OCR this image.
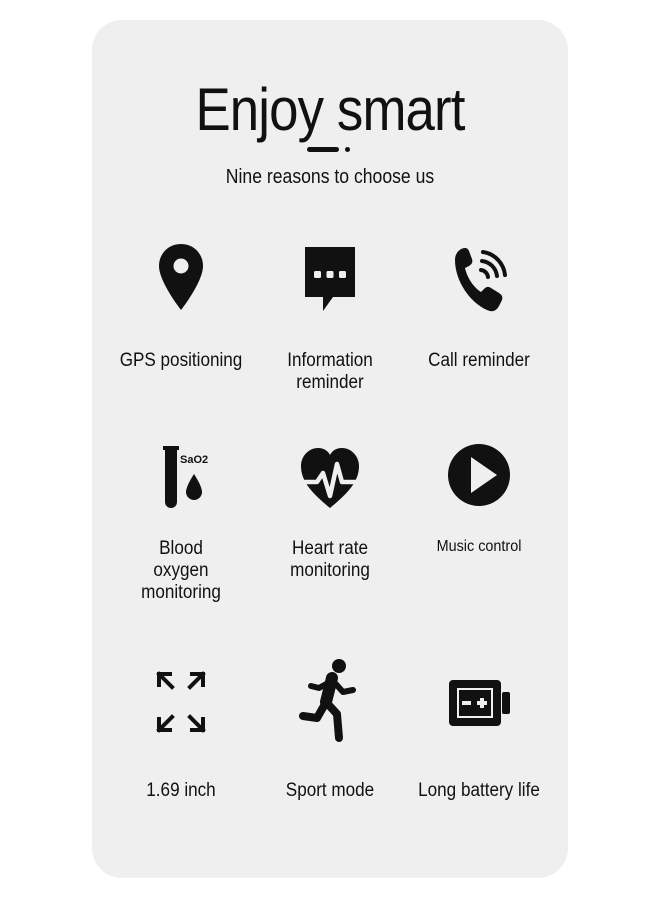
Enjoy smart
Nine reasons to choose us
GPS positioning	Information reminder
Call reminder
SaO2
Blood oxygen monitoring
Heart rate monitoring
Music control
1.69 inch	Sport mode	Long battery life
